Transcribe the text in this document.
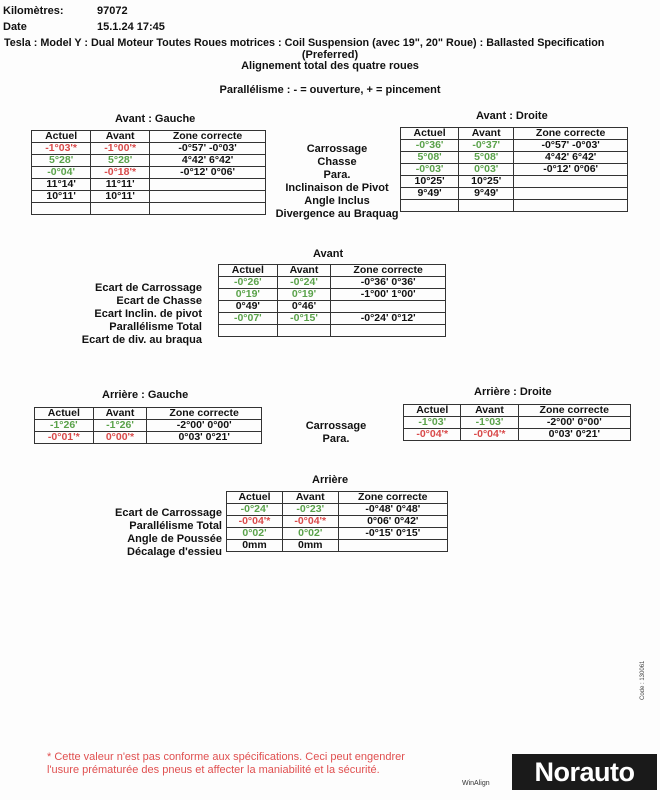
Kilomètres:	97072
Date	15.1.24 17:45
Tesla : Model Y : Dual Moteur Toutes Roues motrices : Coil Suspension (avec 19", 20" Roue) : Ballasted Specification
(Preferred)
Alignement total des quatre roues
Parallélisme : - = ouverture, + = pincement
Avant : Gauche	Avant : Droite
Actuel	Avant	Zone correcte
-1°03'*	-1°00'*	-0°57' -0°03'
5°28'	5°28'	4°42' 6°42'
-0°04'	-0°18'*	-0°12' 0°06'
11°14'	11°11'	
10°11'	10°11'	

Carrossage
Chasse
Para.
Inclinaison de Pivot
Angle Inclus
Divergence au Braquag
Actuel	Avant	Zone correcte
-0°36'	-0°37'	-0°57' -0°03'
5°08'	5°08'	4°42' 6°42'
-0°03'	0°03'	-0°12' 0°06'
10°25'	10°25'	
9°49'	9°49'	

Avant
Ecart de Carrossage
Ecart de Chasse
Ecart Inclin. de pivot
Parallélisme Total
Ecart de div. au braqua
Actuel	Avant	Zone correcte
-0°26'	-0°24'	-0°36' 0°36'
0°19'	0°19'	-1°00' 1°00'
0°49'	0°46'	
-0°07'	-0°15'	-0°24' 0°12'

Arrière : Gauche	Arrière : Droite
Actuel	Avant	Zone correcte
-1°26'	-1°26'	-2°00' 0°00'
-0°01'*	0°00'*	0°03' 0°21'
Carrossage
Para.
Actuel	Avant	Zone correcte
-1°03'	-1°03'	-2°00' 0°00'
-0°04'*	-0°04'*	0°03' 0°21'
Arrière
Ecart de Carrossage
Parallélisme Total
Angle de Poussée
Décalage d'essieu
Actuel	Avant	Zone correcte
-0°24'	-0°23'	-0°48' 0°48'
-0°04'*	-0°04'*	0°06' 0°42'
0°02'	0°02'	-0°15' 0°15'
0mm	0mm	
Code : 130061
* Cette valeur n'est pas conforme aux spécifications. Ceci peut engendrer
l'usure prématurée des pneus et affecter la maniabilité et la sécurité.
WinAlign	Norauto
